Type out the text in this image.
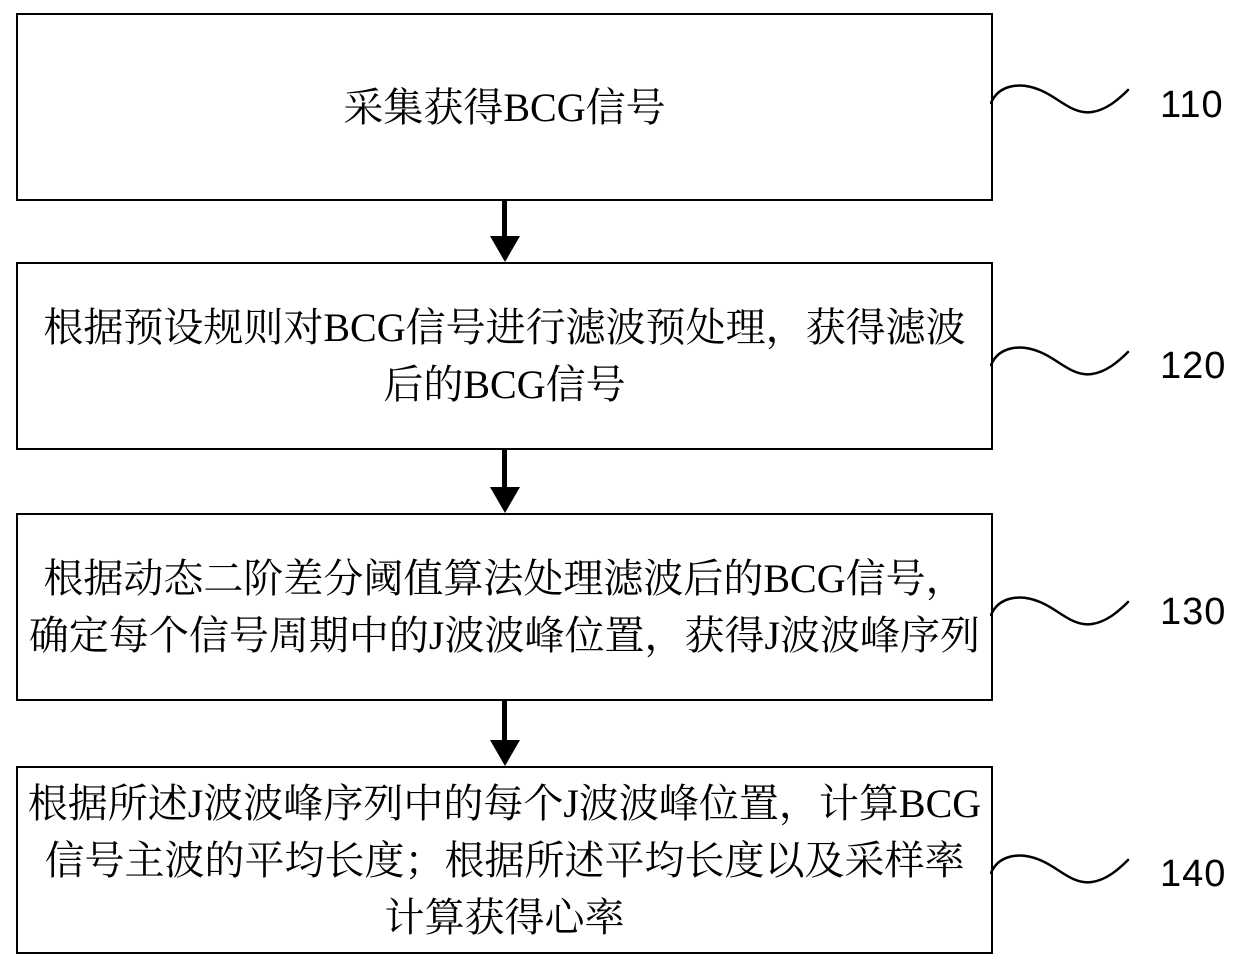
采集获得BCG信号
根据预设规则对BCG信号进行滤波预处理，获得滤波
后的BCG信号
根据动态二阶差分阈值算法处理滤波后的BCG信号，
确定每个信号周期中的J波波峰位置，获得J波波峰序列
根据所述J波波峰序列中的每个J波波峰位置，计算BCG
信号主波的平均长度；根据所述平均长度以及采样率
计算获得心率
110
120
130
140
